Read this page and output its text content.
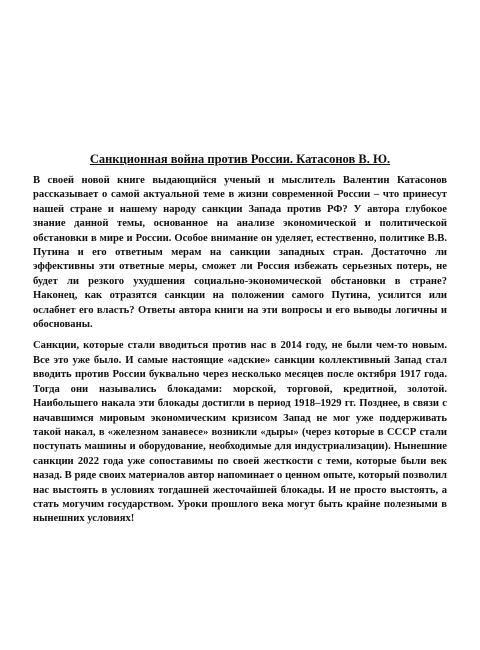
Санкционная война против России. Катасонов В. Ю.

В своей новой книге выдающийся ученый и мыслитель Валентин Катасонов рассказывает о самой актуальной теме в жизни современной России – что принесут нашей стране и нашему народу санкции Запада против РФ? У автора глубокое знание данной темы, основанное на анализе экономической и политической обстановки в мире и России. Особое внимание он уделяет, естественно, политике В.В. Путина и его ответным мерам на санкции западных стран. Достаточно ли эффективны эти ответные меры, сможет ли Россия избежать серьезных потерь, не будет ли резкого ухудшения социально-экономической обстановки в стране? Наконец, как отразятся санкции на положении самого Путина, усилится или ослабнет его власть? Ответы автора книги на эти вопросы и его выводы логичны и обоснованы.

Санкции, которые стали вводиться против нас в 2014 году, не были чем-то новым. Все это уже было. И самые настоящие «адские» санкции коллективный Запад стал вводить против России буквально через несколько месяцев после октября 1917 года. Тогда они назывались блокадами: морской, торговой, кредитной, золотой. Наибольшего накала эти блокады достигли в период 1918–1929 гг. Позднее, в связи с начавшимся мировым экономическим кризисом Запад не мог уже поддерживать такой накал, в «железном занавесе» возникли «дыры» (через которые в СССР стали поступать машины и оборудование, необходимые для индустриализации). Нынешние санкции 2022 года уже сопоставимы по своей жесткости с теми, которые были век назад. В ряде своих материалов автор напоминает о ценном опыте, который позволил нас выстоять в условиях тогдашней жесточайшей блокады. И не просто выстоять, а стать могучим государством. Уроки прошлого века могут быть крайне полезными в нынешних условиях!
